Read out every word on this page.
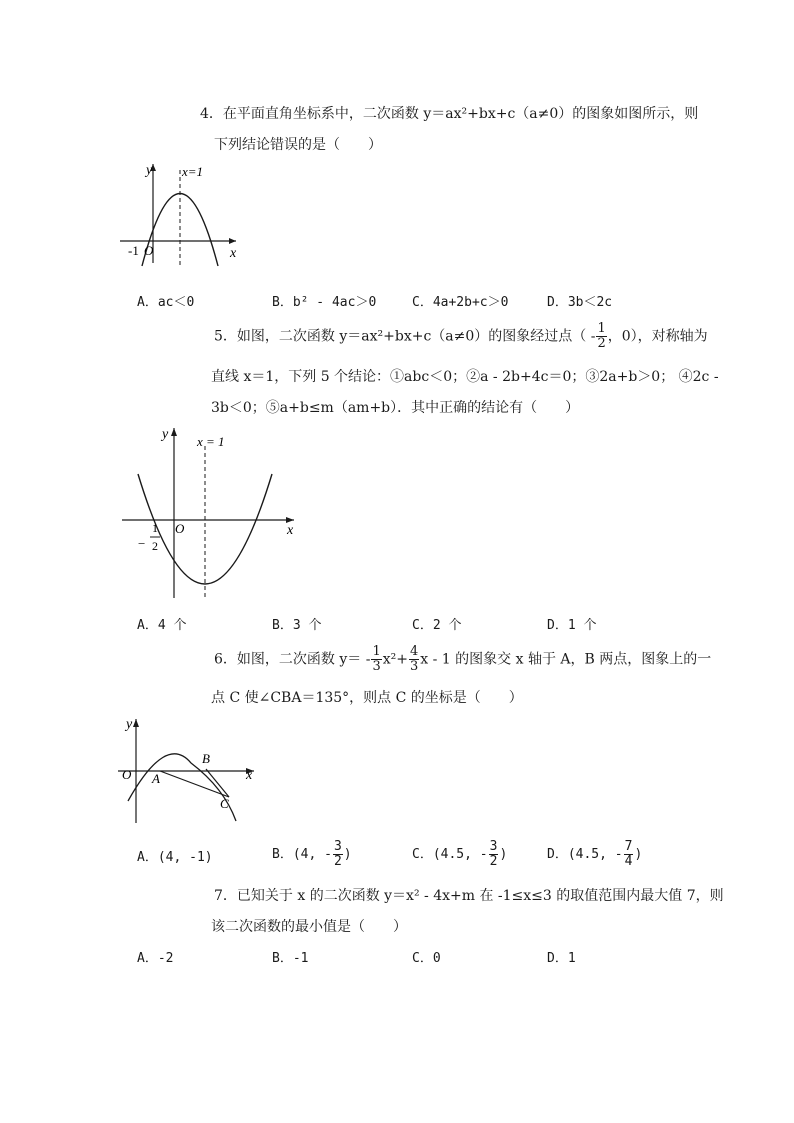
4．在平面直角坐标系中，二次函数 y＝ax²+bx+c（a≠0）的图象如图所示，则
下列结论错误的是（　　）
y
x
x=1
-1 O
A．ac＜0	B．b² - 4ac＞0	C．4a+2b+c＞0	D．3b＜2c
5．如图，二次函数 y＝ax²+bx+c（a≠0）的图象经过点（ - $\frac{1}{2}$ ，0），对称轴为
直线 x＝1，下列 5 个结论：①abc＜0；②a - 2b+4c＝0；③2a+b＞0； ④2c -
3b＜0；⑤a+b≤m（am+b）．其中正确的结论有（　　）
y
x
x = 1
O
−
1
2
A．4 个	B．3 个	C．2 个	D．1 个
6．如图，二次函数 $y= - \frac{1}{3} x^2+ \frac{4}{3}$ x - 1 的图象交 x 轴于 A，B 两点，图象上的一
点 C 使∠CBA＝135°，则点 C 的坐标是（　　）
y
x
O A
B
C
A．(4, -1)	B．(4, - $\frac{3}{2}$ )	C．(4.5, - $\frac{3}{2}$ )	D．(4.5, - $\frac{7}{4}$ )
7．已知关于 x 的二次函数 y＝x² - 4x+m 在 -1≤x≤3 的取值范围内最大值 7，则
该二次函数的最小值是（　　）
A．-2	B．-1	C．0	D．1
